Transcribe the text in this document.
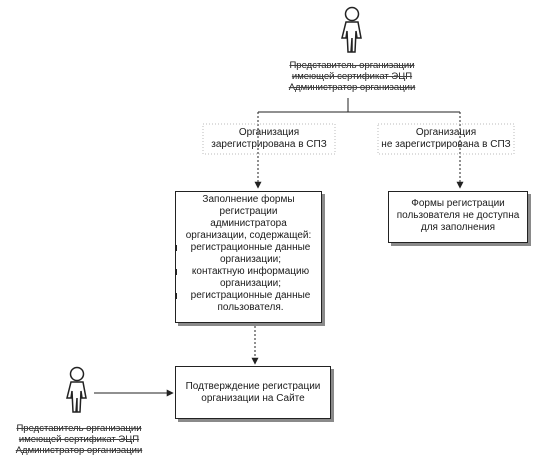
Представитель организации
имеющей сертификат ЭЦП
Администратор организации
Организация
зарегистрирована в СПЗ
Организация
не зарегистрирована в СПЗ
Заполнение формы
регистрации
администратора
организации, содержащей:
регистрационные данные организации;
контактную информацию организации;
регистрационные данные пользователя.
Формы регистрации
пользователя не доступна
для заполнения
Подтверждение регистрации
организации на Сайте
Представитель организации
имеющей сертификат ЭЦП
Администратор организации
